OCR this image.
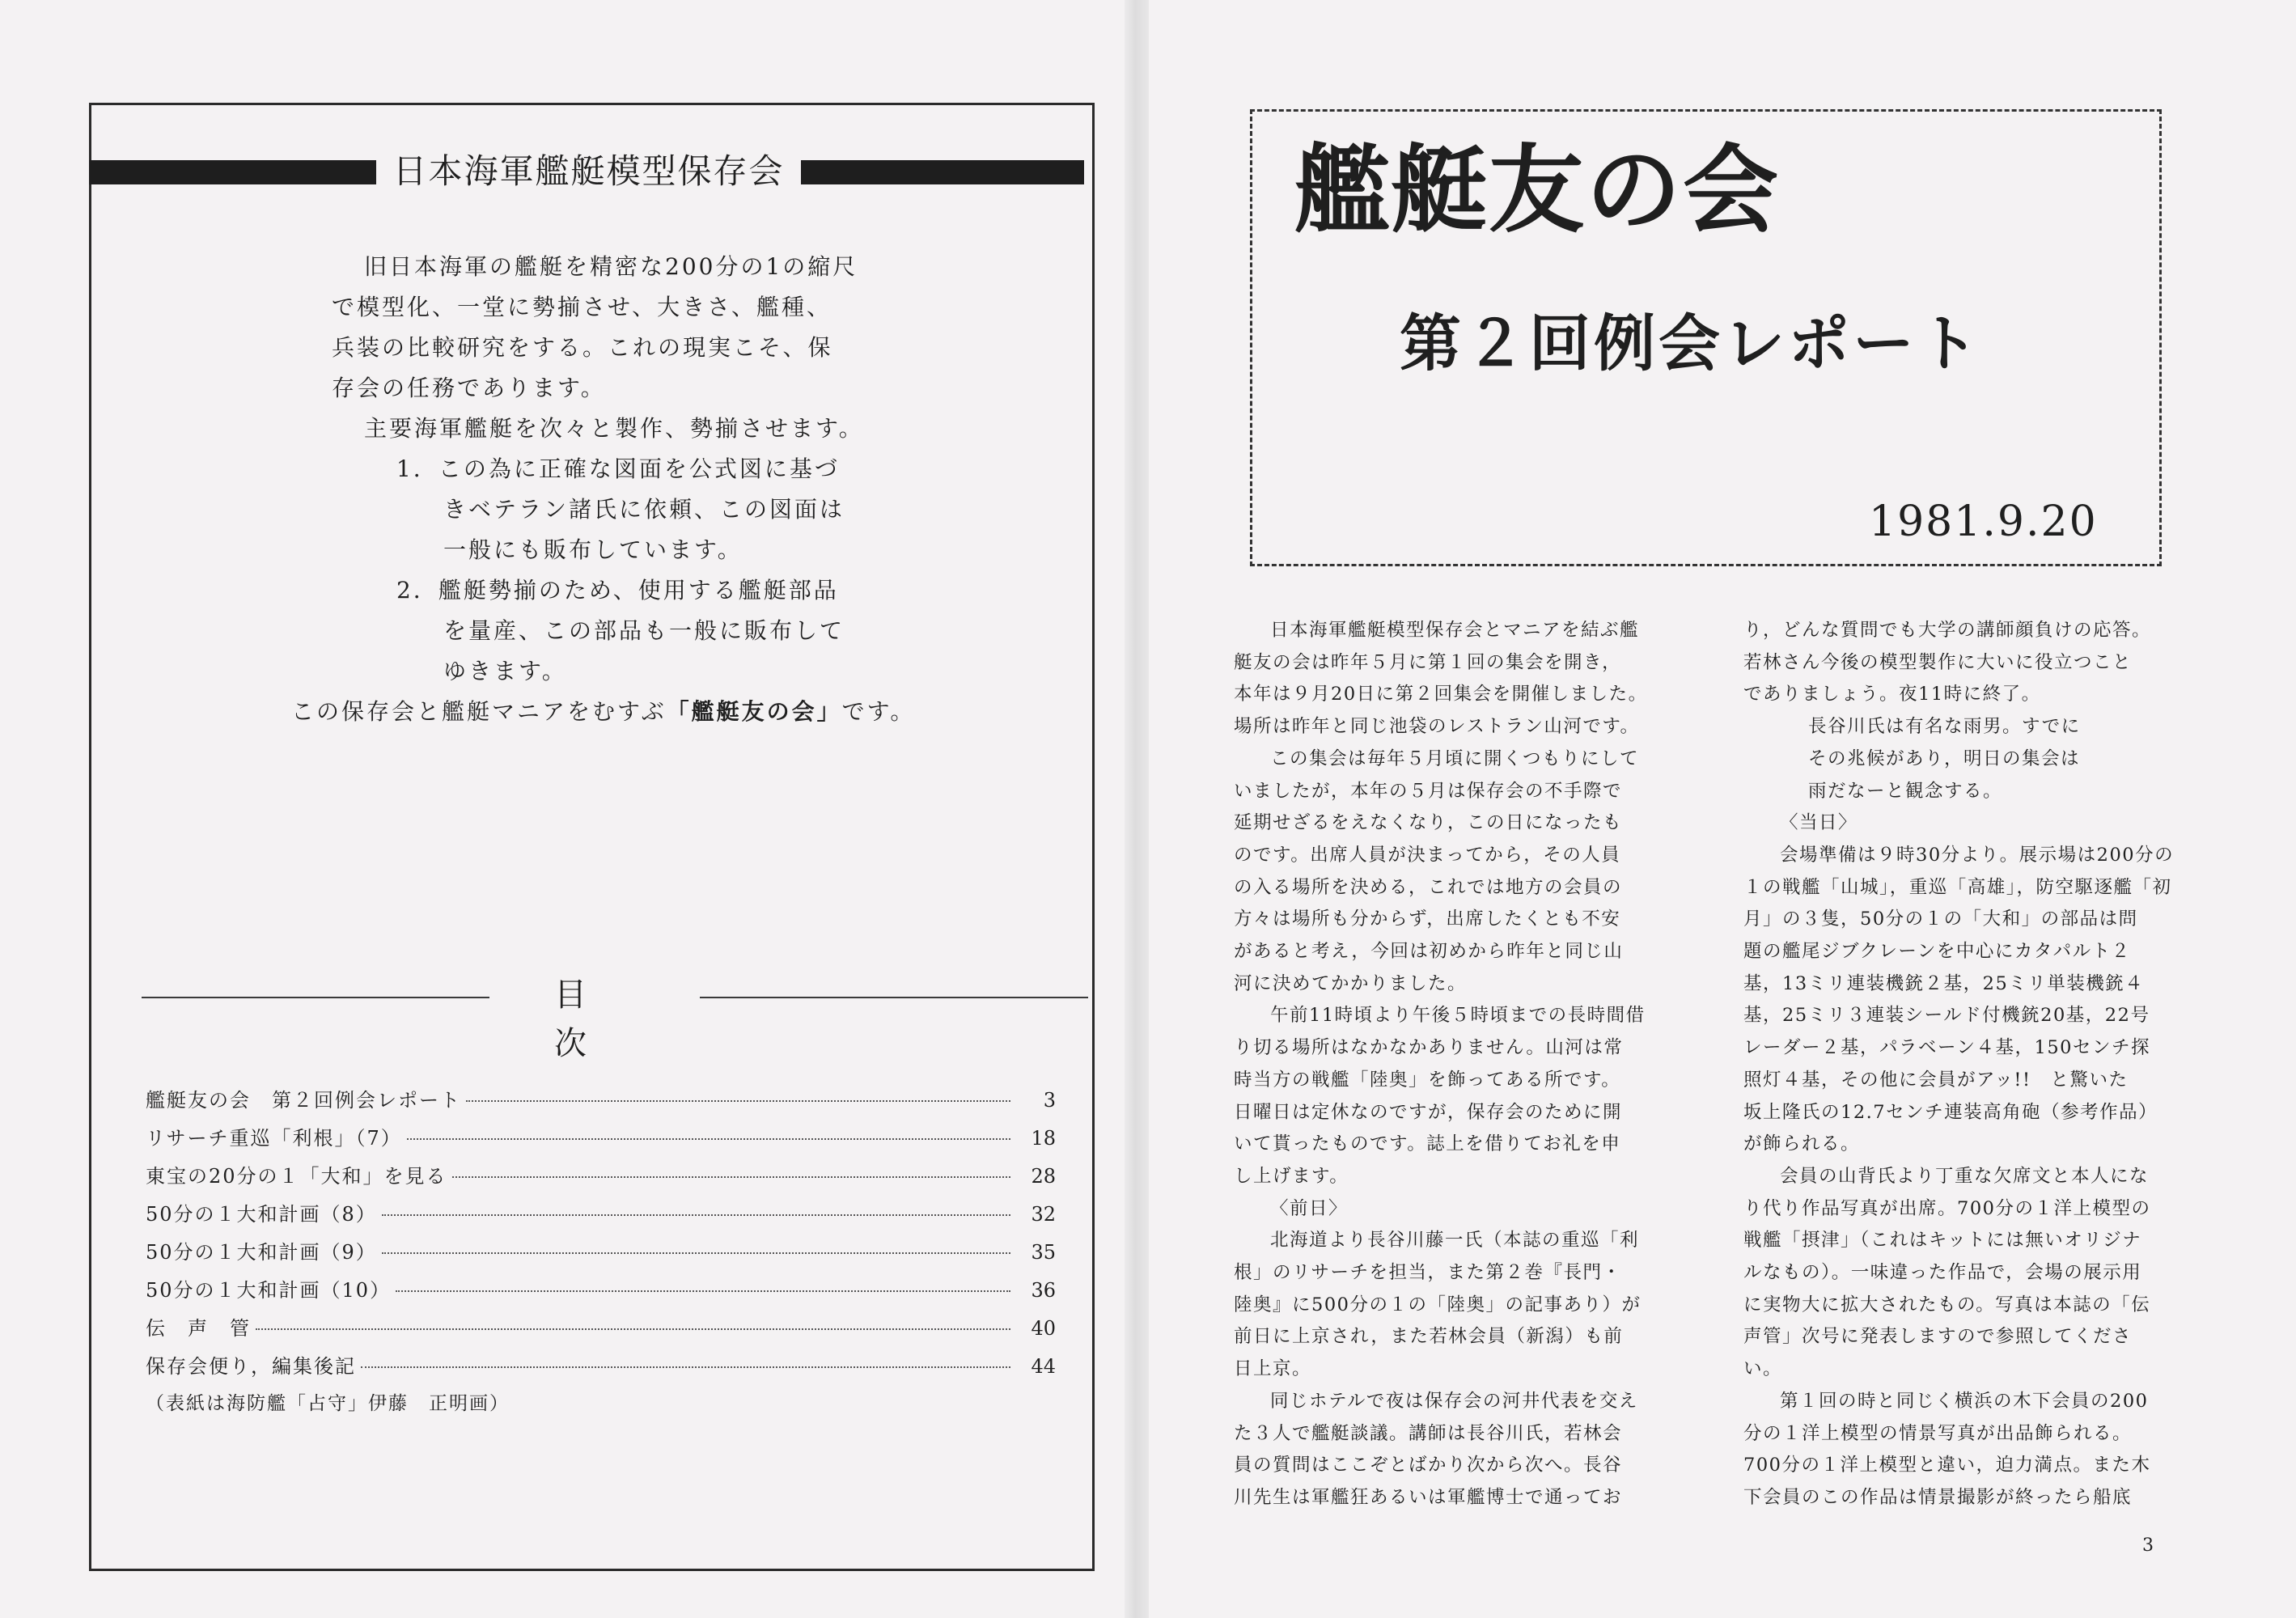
日本海軍艦艇模型保存会

旧日本海軍の艦艇を精密な200分の1の縮尺

で模型化、一堂に勢揃させ、大きさ、艦種、

兵装の比較研究をする。これの現実こそ、保

存会の任務であります。

主要海軍艦艇を次々と製作、勢揃させます。

1．この為に正確な図面を公式図に基づ

きベテラン諸氏に依頼、この図面は

一般にも販布しています。

2．艦艇勢揃のため、使用する艦艇部品

を量産、この部品も一般に販布して

ゆきます。

この保存会と艦艇マニアをむすぶ「艦艇友の会」です。

目次
艦艇友の会　第２回例会レポート	3
リサーチ重巡「利根」（7）	18
東宝の20分の１「大和」を見る	28
50分の１大和計画（8）	32
50分の１大和計画（9）	35
50分の１大和計画（10）	36
伝　声　管	40
保存会便り，編集後記	44
（表紙は海防艦「占守」伊藤　正明画）
艦艇友の会
第２回例会レポート
1981.9.20

日本海軍艦艇模型保存会とマニアを結ぶ艦

艇友の会は昨年５月に第１回の集会を開き，

本年は９月20日に第２回集会を開催しました。

場所は昨年と同じ池袋のレストラン山河です。

この集会は毎年５月頃に開くつもりにして

いましたが，本年の５月は保存会の不手際で

延期せざるをえなくなり，この日になったも

のです。出席人員が決まってから，その人員

の入る場所を決める，これでは地方の会員の

方々は場所も分からず，出席したくとも不安

があると考え，今回は初めから昨年と同じ山

河に決めてかかりました。

午前11時頃より午後５時頃までの長時間借

り切る場所はなかなかありません。山河は常

時当方の戦艦「陸奥」を飾ってある所です。

日曜日は定休なのですが，保存会のために開

いて貰ったものです。誌上を借りてお礼を申

し上げます。

〈前日〉

北海道より長谷川藤一氏（本誌の重巡「利

根」のリサーチを担当，また第２巻『長門・

陸奥』に500分の１の「陸奥」の記事あり）が

前日に上京され，また若林会員（新潟）も前

日上京。

同じホテルで夜は保存会の河井代表を交え

た３人で艦艇談議。講師は長谷川氏，若林会

員の質問はここぞとばかり次から次へ。長谷

川先生は軍艦狂あるいは軍艦博士で通ってお

り，どんな質問でも大学の講師顔負けの応答。

若林さん今後の模型製作に大いに役立つこと

でありましょう。夜11時に終了。

長谷川氏は有名な雨男。すでに

その兆候があり，明日の集会は

雨だなーと観念する。

〈当日〉

会場準備は９時30分より。展示場は200分の

１の戦艦「山城」，重巡「高雄」，防空駆逐艦「初

月」の３隻，50分の１の「大和」の部品は問

題の艦尾ジブクレーンを中心にカタパルト２

基，13ミリ連装機銃２基，25ミリ単装機銃４

基，25ミリ３連装シールド付機銃20基，22号

レーダー２基，パラベーン４基，150センチ探

照灯４基，その他に会員がアッ!!　と驚いた

坂上隆氏の12.7センチ連装高角砲（参考作品）

が飾られる。

会員の山背氏より丁重な欠席文と本人にな

り代り作品写真が出席。700分の１洋上模型の

戦艦「摂津」（これはキットには無いオリジナ

ルなもの）。一味違った作品で，会場の展示用

に実物大に拡大されたもの。写真は本誌の「伝

声管」次号に発表しますので参照してくださ

い。

第１回の時と同じく横浜の木下会員の200

分の１洋上模型の情景写真が出品飾られる。

700分の１洋上模型と違い，迫力満点。また木

下会員のこの作品は情景撮影が終ったら船底

3
